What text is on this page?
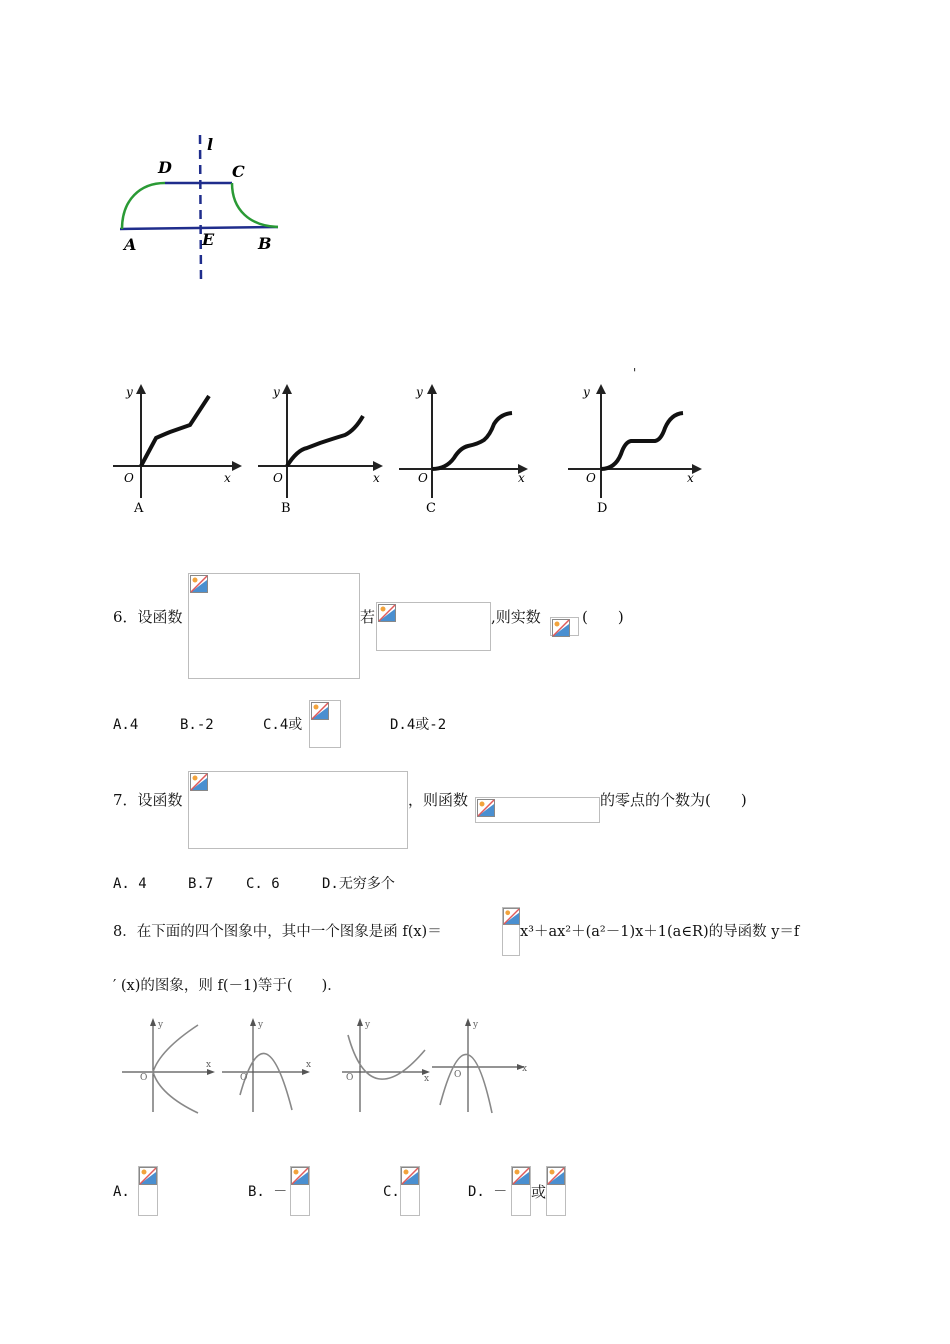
l
D	C
A	E	B
'
y
O	x
A
y
O	x
B
y
O	x
C
y
O	x
D
6．设函数	若	,则实数	(　　)
A.4	B.-2	C.4或	D.4或-2
7．设函数	，则函数	的零点的个数为(　　)
A. 4	B.7 C. 6	D.无穷多个
8．在下面的四个图象中，其中一个图象是函 f(x)＝	x³＋ax²＋(a²－1)x＋1(a∈R)的导函数 y＝f
′ (x)的图象，则 f(－1)等于(　　)．
y
O
x
y
O
x
y
O	x
y
O
x
A.	B. －	C.	D. － 或
